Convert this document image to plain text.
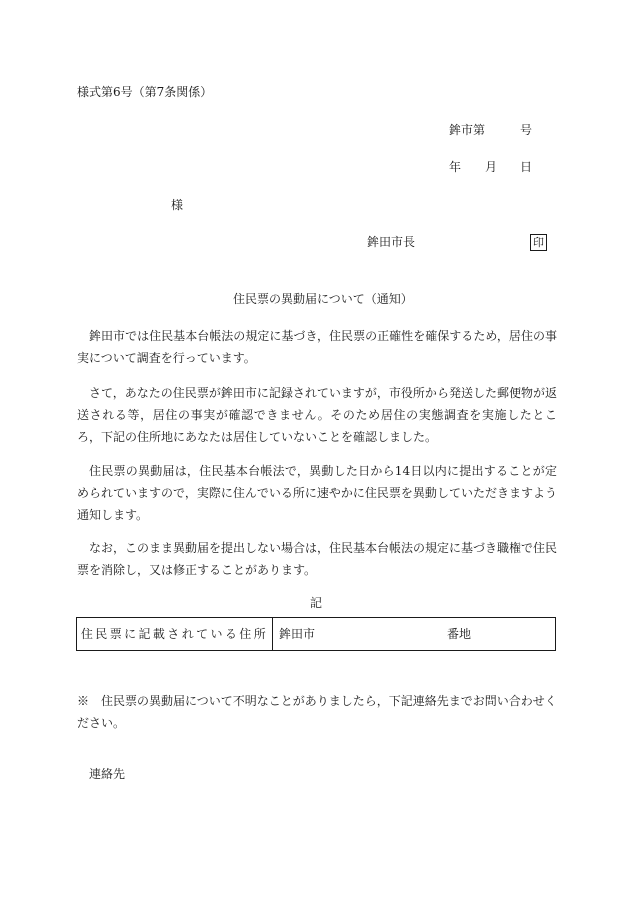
様式第6号（第7条関係）
鉾市第	号
年 月 日
様
鉾田市長	印
住民票の異動届について（通知）
鉾田市では住民基本台帳法の規定に基づき，住民票の正確性を確保するため，居住の事実について調査を行っています。
さて，あなたの住民票が鉾田市に記録されていますが，市役所から発送した郵便物が返送される等，居住の事実が確認できません。そのため居住の実態調査を実施したところ，下記の住所地にあなたは居住していないことを確認しました。
住民票の異動届は，住民基本台帳法で，異動した日から14日以内に提出することが定められていますので，実際に住んでいる所に速やかに住民票を異動していただきますよう通知します。
なお，このまま異動届を提出しない場合は，住民基本台帳法の規定に基づき職権で住民票を消除し，又は修正することがあります。
記
住民票に記載されている住所 鉾田市	番地
※　住民票の異動届について不明なことがありましたら，下記連絡先までお問い合わせください。
連絡先
